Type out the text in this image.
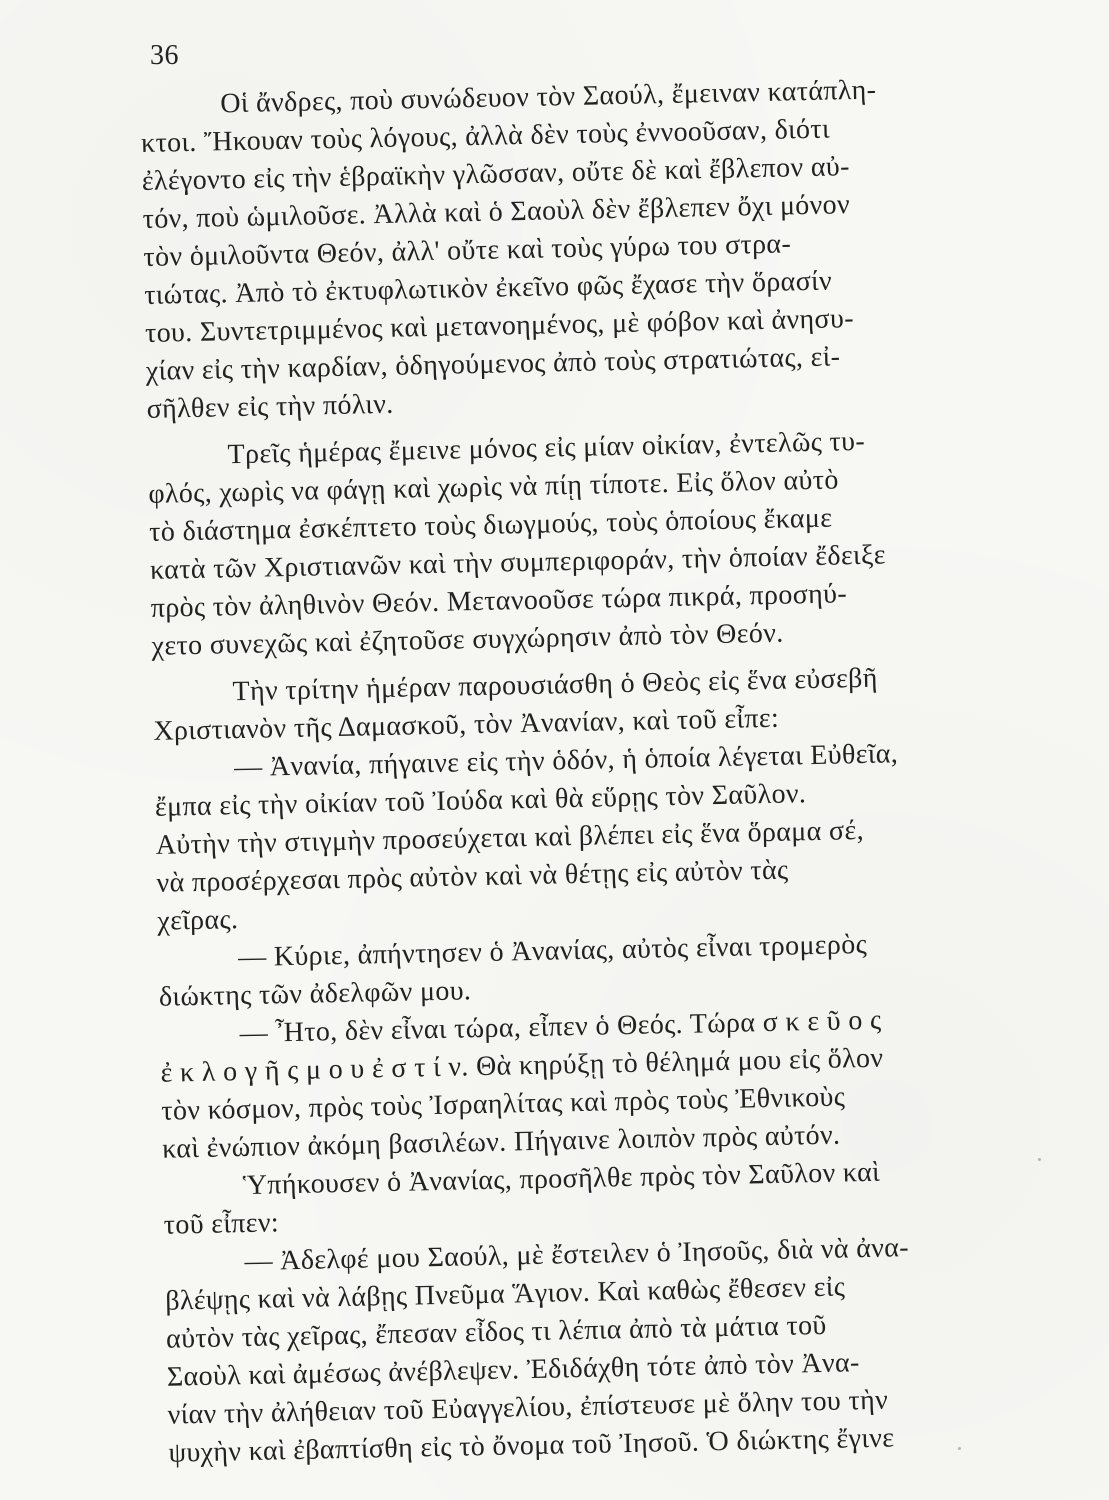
36
Οἱ ἄνδρες, ποὺ συνώδευον τὸν Σαούλ, ἔμειναν κατάπλη-
κτοι. Ἤκουαν τοὺς λόγους, ἀλλὰ δὲν τοὺς ἐννοοῦσαν, διότι
ἐλέγοντο εἰς τὴν ἑβραϊκὴν γλῶσσαν, οὔτε δὲ καὶ ἔβλεπον αὐ-
τόν, ποὺ ὡμιλοῦσε. Ἀλλὰ καὶ ὁ Σαοὺλ δὲν ἔβλεπεν ὄχι μόνον
τὸν ὁμιλοῦντα Θεόν, ἀλλ' οὔτε καὶ τοὺς γύρω του στρα-
τιώτας. Ἀπὸ τὸ ἐκτυφλωτικὸν ἐκεῖνο φῶς ἔχασε τὴν ὅρασίν
του. Συντετριμμένος καὶ μετανοημένος, μὲ φόβον καὶ ἀνησυ-
χίαν εἰς τὴν καρδίαν, ὁδηγούμενος ἀπὸ τοὺς στρατιώτας, εἰ-
σῆλθεν εἰς τὴν πόλιν.
Τρεῖς ἡμέρας ἔμεινε μόνος εἰς μίαν οἰκίαν, ἐντελῶς τυ-
φλός, χωρὶς να φάγῃ καὶ χωρὶς νὰ πίῃ τίποτε. Εἰς ὅλον αὐτὸ
τὸ διάστημα ἐσκέπτετο τοὺς διωγμούς, τοὺς ὁποίους ἔκαμε
κατὰ τῶν Χριστιανῶν καὶ τὴν συμπεριφοράν, τὴν ὁποίαν ἔδειξε
πρὸς τὸν ἀληθινὸν Θεόν. Μετανοοῦσε τώρα πικρά, προσηύ-
χετο συνεχῶς καὶ ἐζητοῦσε συγχώρησιν ἀπὸ τὸν Θεόν.
Τὴν τρίτην ἡμέραν παρουσιάσθη ὁ Θεὸς εἰς ἕνα εὐσεβῆ
Χριστιανὸν τῆς Δαμασκοῦ, τὸν Ἀνανίαν, καὶ τοῦ εἶπε:
— Ἀνανία, πήγαινε εἰς τὴν ὁδόν, ἡ ὁποία λέγεται Εὐθεῖα,
ἔμπα εἰς τὴν οἰκίαν τοῦ Ἰούδα καὶ θὰ εὕρῃς τὸν Σαῦλον.
Αὐτὴν τὴν στιγμὴν προσεύχεται καὶ βλέπει εἰς ἕνα ὅραμα σέ,
νὰ προσέρχεσαι πρὸς αὐτὸν καὶ νὰ θέτῃς εἰς αὐτὸν τὰς
χεῖρας.
— Κύριε, ἀπήντησεν ὁ Ἀνανίας, αὐτὸς εἶναι τρομερὸς
διώκτης τῶν ἀδελφῶν μου.
— Ἦτο, δὲν εἶναι τώρα, εἶπεν ὁ Θεός. Τώρα σ κ ε ῦ ο ς
ἐ κ λ ο γ ῆ ς μ ο υ ἐ σ τ ί ν. Θὰ κηρύξῃ τὸ θέλημά μου εἰς ὅλον
τὸν κόσμον, πρὸς τοὺς Ἰσραηλίτας καὶ πρὸς τοὺς Ἐθνικοὺς
καὶ ἐνώπιον ἀκόμη βασιλέων. Πήγαινε λοιπὸν πρὸς αὐτόν.
Ὑπήκουσεν ὁ Ἀνανίας, προσῆλθε πρὸς τὸν Σαῦλον καὶ
τοῦ εἶπεν:
— Ἀδελφέ μου Σαούλ, μὲ ἔστειλεν ὁ Ἰησοῦς, διὰ νὰ ἀνα-
βλέψῃς καὶ νὰ λάβῃς Πνεῦμα Ἅγιον. Καὶ καθὼς ἔθεσεν εἰς
αὐτὸν τὰς χεῖρας, ἔπεσαν εἶδος τι λέπια ἀπὸ τὰ μάτια τοῦ
Σαοὺλ καὶ ἀμέσως ἀνέβλεψεν. Ἐδιδάχθη τότε ἀπὸ τὸν Ἀνα-
νίαν τὴν ἀλήθειαν τοῦ Εὐαγγελίου, ἐπίστευσε μὲ ὅλην του τὴν
ψυχὴν καὶ ἐβαπτίσθη εἰς τὸ ὄνομα τοῦ Ἰησοῦ. Ὁ διώκτης ἔγινε
